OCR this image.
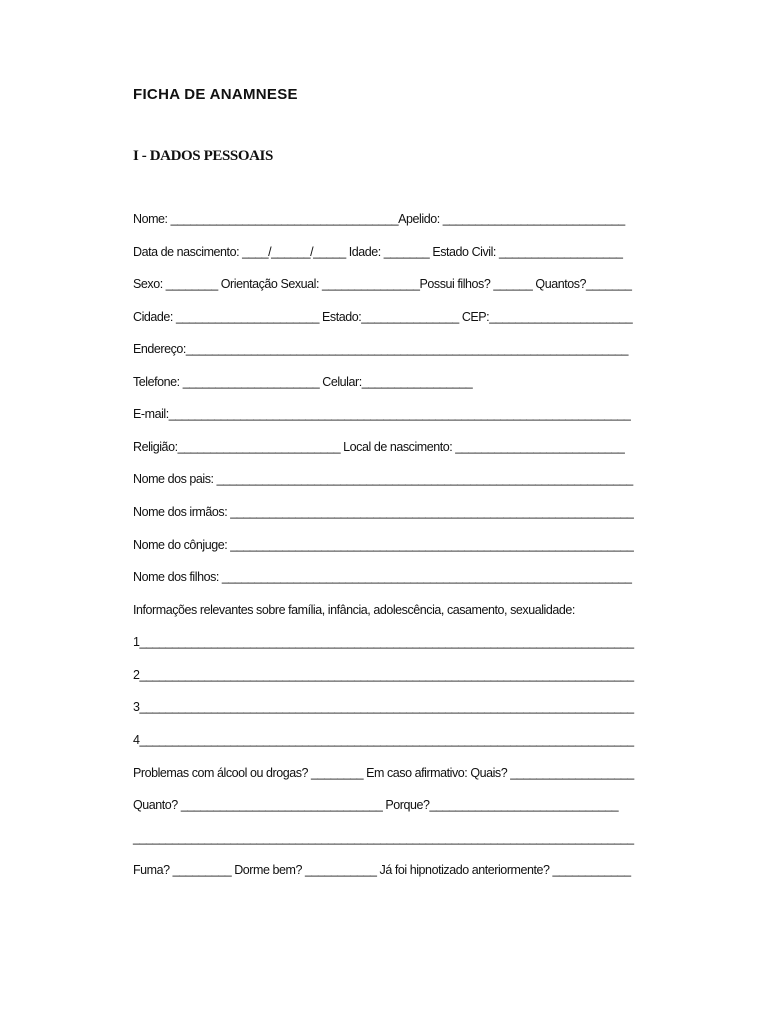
FICHA DE ANAMNESE
I - DADOS PESSOAIS
Nome: ___________________________________Apelido: ____________________________
Data de nascimento: ____/______/_____ Idade: _______ Estado Civil: ___________________
Sexo: ________ Orientação Sexual: _______________Possui filhos? ______ Quantos?_______
Cidade: ______________________ Estado:_______________ CEP:______________________
Endereço:____________________________________________________________________
Telefone: _____________________ Celular:_________________
E-mail:_______________________________________________________________________
Religião:_________________________ Local de nascimento: __________________________
Nome dos pais: ________________________________________________________________
Nome dos irmãos: ______________________________________________________________
Nome do cônjuge: ______________________________________________________________
Nome dos filhos: _______________________________________________________________
Informações relevantes sobre família, infância, adolescência, casamento, sexualidade:
1____________________________________________________________________________
2____________________________________________________________________________
3____________________________________________________________________________
4____________________________________________________________________________
Problemas com álcool ou drogas? ________ Em caso afirmativo: Quais? ___________________
Quanto? _______________________________ Porque?_____________________________
_____________________________________________________________________________
Fuma? _________ Dorme bem? ___________ Já foi hipnotizado anteriormente? ____________
